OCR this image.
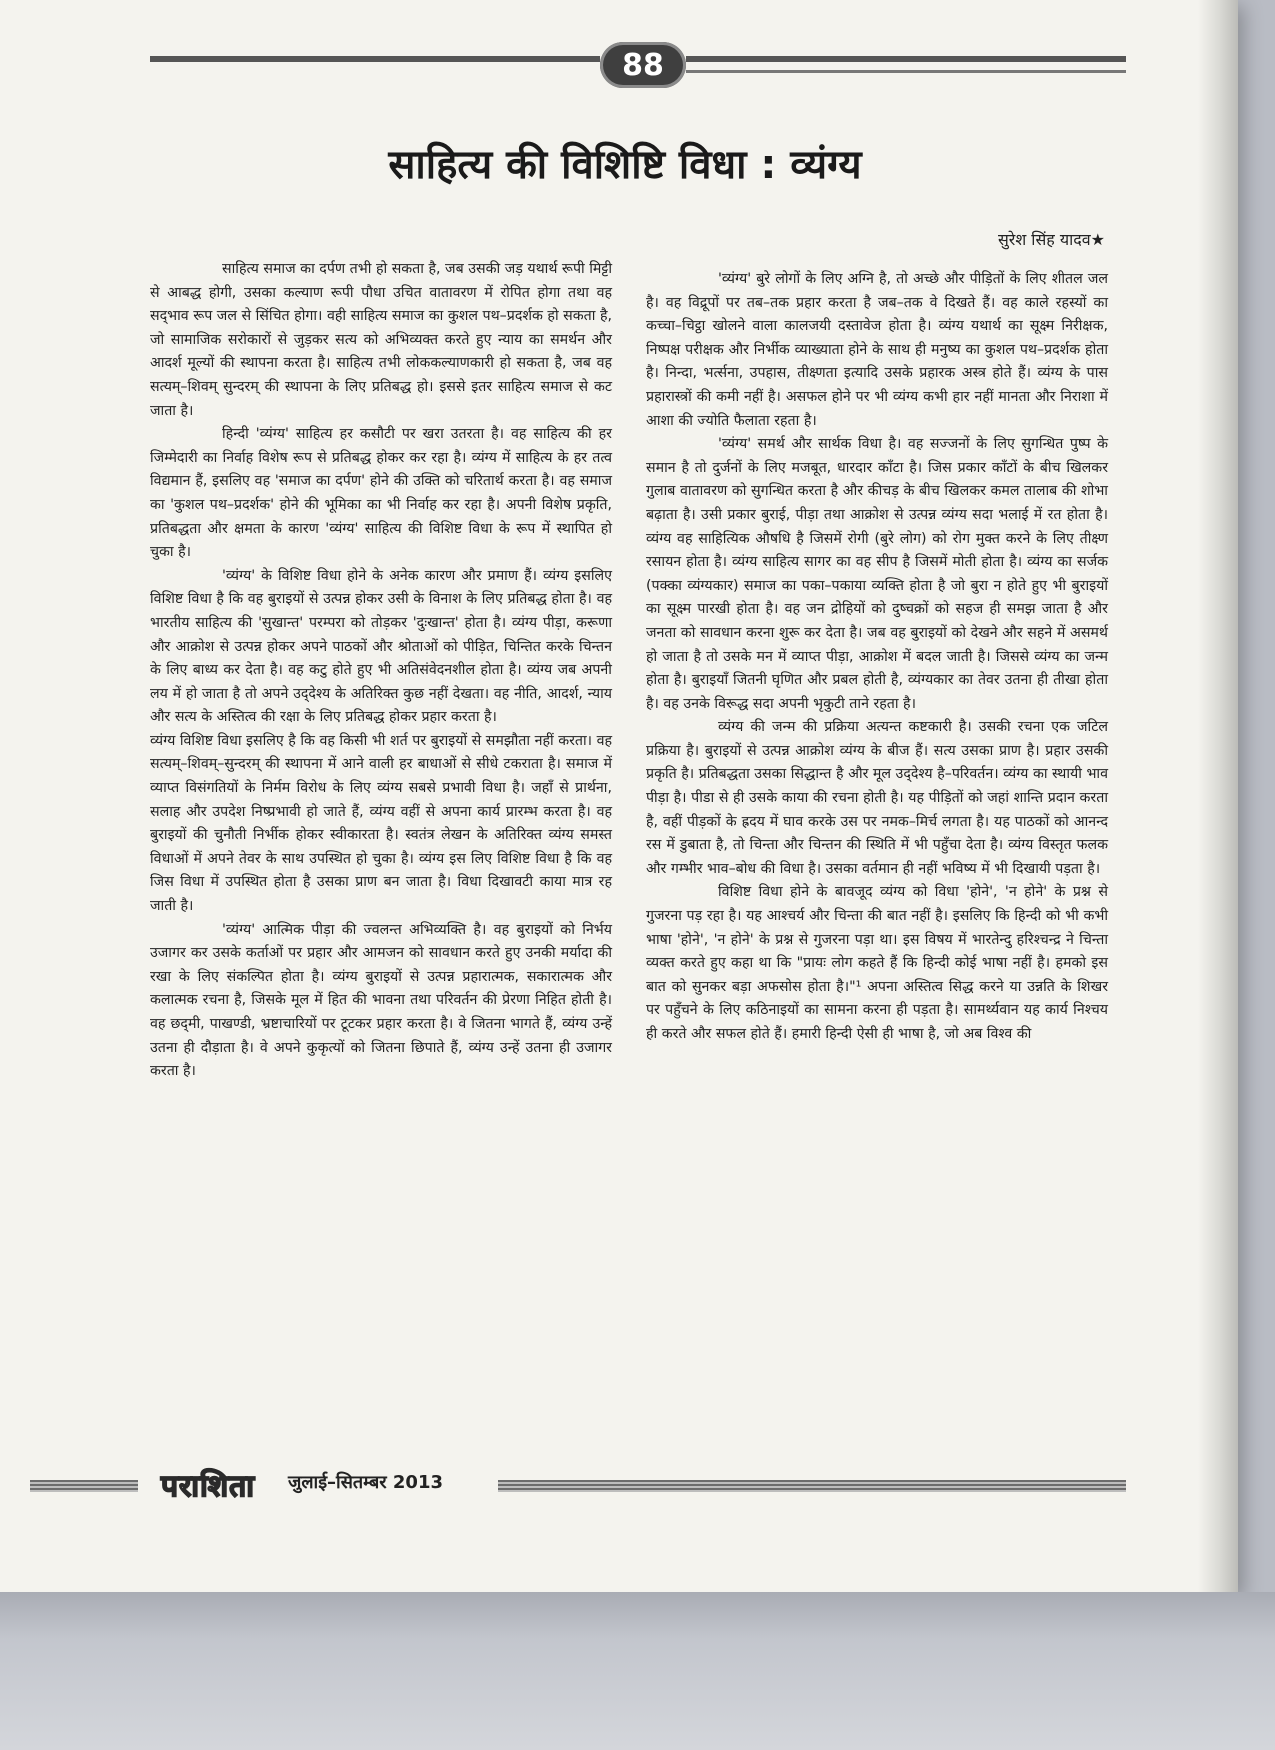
88
साहित्य की विशिष्टि विधा : व्यंग्य
सुरेश सिंह यादव★

साहित्य समाज का दर्पण तभी हो सकता है, जब उसकी जड़ यथार्थ रूपी मिट्टी से आबद्ध होगी, उसका कल्याण रूपी पौधा उचित वातावरण में रोपित होगा तथा वह सद्‌भाव रूप जल से सिंचित होगा। वही साहित्य समाज का कुशल पथ–प्रदर्शक हो सकता है, जो सामाजिक सरोकारों से जुड़कर सत्य को अभिव्यक्त करते हुए न्याय का समर्थन और आदर्श मूल्यों की स्थापना करता है। साहित्य तभी लोककल्याणकारी हो सकता है, जब वह सत्यम्–शिवम् सुन्दरम् की स्थापना के लिए प्रतिबद्ध हो। इससे इतर साहित्य समाज से कट जाता है।

हिन्दी 'व्यंग्य' साहित्य हर कसौटी पर खरा उतरता है। वह साहित्य की हर जिम्मेदारी का निर्वाह विशेष रूप से प्रतिबद्ध होकर कर रहा है। व्यंग्य में साहित्य के हर तत्व विद्यमान हैं, इसलिए वह 'समाज का दर्पण' होने की उक्ति को चरितार्थ करता है। वह समाज का 'कुशल पथ–प्रदर्शक' होने की भूमिका का भी निर्वाह कर रहा है। अपनी विशेष प्रकृति, प्रतिबद्धता और क्षमता के कारण 'व्यंग्य' साहित्य की विशिष्ट विधा के रूप में स्थापित हो चुका है।

'व्यंग्य' के विशिष्ट विधा होने के अनेक कारण और प्रमाण हैं। व्यंग्य इसलिए विशिष्ट विधा है कि वह बुराइयों से उत्पन्न होकर उसी के विनाश के लिए प्रतिबद्ध होता है। वह भारतीय साहित्य की 'सुखान्त' परम्परा को तोड़कर 'दुःखान्त' होता है। व्यंग्य पीड़ा, करूणा और आक्रोश से उत्पन्न होकर अपने पाठकों और श्रोताओं को पीड़ित, चिन्तित करके चिन्तन के लिए बाध्य कर देता है। वह कटु होते हुए भी अतिसंवेदनशील होता है। व्यंग्य जब अपनी लय में हो जाता है तो अपने उद्‌देश्य के अतिरिक्त कुछ नहीं देखता। वह नीति, आदर्श, न्याय और सत्य के अस्तित्व की रक्षा के लिए प्रतिबद्ध होकर प्रहार करता है।

व्यंग्य विशिष्ट विधा इसलिए है कि वह किसी भी शर्त पर बुराइयों से समझौता नहीं करता। वह सत्यम्–शिवम्–सुन्दरम् की स्थापना में आने वाली हर बाधाओं से सीधे टकराता है। समाज में व्याप्त विसंगतियों के निर्मम विरोध के लिए व्यंग्य सबसे प्रभावी विधा है। जहाँ से प्रार्थना, सलाह और उपदेश निष्प्रभावी हो जाते हैं, व्यंग्य वहीं से अपना कार्य प्रारम्भ करता है। वह बुराइयों की चुनौती निर्भीक होकर स्वीकारता है। स्वतंत्र लेखन के अतिरिक्त व्यंग्य समस्त विधाओं में अपने तेवर के साथ उपस्थित हो चुका है। व्यंग्य इस लिए विशिष्ट विधा है कि वह जिस विधा में उपस्थित होता है उसका प्राण बन जाता है। विधा दिखावटी काया मात्र रह जाती है।

'व्यंग्य' आत्मिक पीड़ा की ज्वलन्त अभिव्यक्ति है। वह बुराइयों को निर्भय उजागर कर उसके कर्ताओं पर प्रहार और आमजन को सावधान करते हुए उनकी मर्यादा की रखा के लिए संकल्पित होता है। व्यंग्य बुराइयों से उत्पन्न प्रहारात्मक, सकारात्मक और कलात्मक रचना है, जिसके मूल में हित की भावना तथा परिवर्तन की प्रेरणा निहित होती है। वह छद्‌मी, पाखण्डी, भ्रष्टाचारियों पर टूटकर प्रहार करता है। वे जितना भागते हैं, व्यंग्य उन्हें उतना ही दौड़ाता है। वे अपने कुकृत्यों को जितना छिपाते हैं, व्यंग्य उन्हें उतना ही उजागर करता है।

'व्यंग्य' बुरे लोगों के लिए अग्नि है, तो अच्छे और पीड़ितों के लिए शीतल जल है। वह विद्रूपों पर तब–तक प्रहार करता है जब–तक वे दिखते हैं। वह काले रहस्यों का कच्चा–चिट्ठा खोलने वाला कालजयी दस्तावेज होता है। व्यंग्य यथार्थ का सूक्ष्म निरीक्षक, निष्पक्ष परीक्षक और निर्भीक व्याख्याता होने के साथ ही मनुष्य का कुशल पथ–प्रदर्शक होता है। निन्दा, भर्त्सना, उपहास, तीक्ष्णता इत्यादि उसके प्रहारक अस्त्र होते हैं। व्यंग्य के पास प्रहारास्त्रों की कमी नहीं है। असफल होने पर भी व्यंग्य कभी हार नहीं मानता और निराशा में आशा की ज्योति फैलाता रहता है।

'व्यंग्य' समर्थ और सार्थक विधा है। वह सज्जनों के लिए सुगन्धित पुष्प के समान है तो दुर्जनों के लिए मजबूत, धारदार काँटा है। जिस प्रकार काँटों के बीच खिलकर गुलाब वातावरण को सुगन्धित करता है और कीचड़ के बीच खिलकर कमल तालाब की शोभा बढ़ाता है। उसी प्रकार बुराई, पीड़ा तथा आक्रोश से उत्पन्न व्यंग्य सदा भलाई में रत होता है। व्यंग्य वह साहित्यिक औषधि है जिसमें रोगी (बुरे लोग) को रोग मुक्त करने के लिए तीक्ष्ण रसायन होता है। व्यंग्य साहित्य सागर का वह सीप है जिसमें मोती होता है। व्यंग्य का सर्जक (पक्का व्यंग्यकार) समाज का पका–पकाया व्यक्ति होता है जो बुरा न होते हुए भी बुराइयों का सूक्ष्म पारखी होता है। वह जन द्रोहियों को दुष्चक्रों को सहज ही समझ जाता है और जनता को सावधान करना शुरू कर देता है। जब वह बुराइयों को देखने और सहने में असमर्थ हो जाता है तो उसके मन में व्याप्त पीड़ा, आक्रोश में बदल जाती है। जिससे व्यंग्य का जन्म होता है। बुराइयाँ जितनी घृणित और प्रबल होती है, व्यंग्यकार का तेवर उतना ही तीखा होता है। वह उनके विरूद्ध सदा अपनी भृकुटी ताने रहता है।

व्यंग्य की जन्म की प्रक्रिया अत्यन्त कष्टकारी है। उसकी रचना एक जटिल प्रक्रिया है। बुराइयों से उत्पन्न आक्रोश व्यंग्य के बीज हैं। सत्य उसका प्राण है। प्रहार उसकी प्रकृति है। प्रतिबद्धता उसका सिद्धान्त है और मूल उद्‌देश्य है–परिवर्तन। व्यंग्य का स्थायी भाव पीड़ा है। पीडा से ही उसके काया की रचना होती है। यह पीड़ितों को जहां शान्ति प्रदान करता है, वहीं पीड़कों के ह्रदय में घाव करके उस पर नमक–मिर्च लगता है। यह पाठकों को आनन्द रस में डुबाता है, तो चिन्ता और चिन्तन की स्थिति में भी पहुँचा देता है। व्यंग्य विस्तृत फलक और गम्भीर भाव–बोध की विधा है। उसका वर्तमान ही नहीं भविष्य में भी दिखायी पड़ता है।

विशिष्ट विधा होने के बावजूद व्यंग्य को विधा 'होने', 'न होने' के प्रश्न से गुजरना पड़ रहा है। यह आश्चर्य और चिन्ता की बात नहीं है। इसलिए कि हिन्दी को भी कभी भाषा 'होने', 'न होने' के प्रश्न से गुजरना पड़ा था। इस विषय में भारतेन्दु हरिश्चन्द्र ने चिन्ता व्यक्त करते हुए कहा था कि "प्रायः लोग कहते हैं कि हिन्दी कोई भाषा नहीं है। हमको इस बात को सुनकर बड़ा अफसोस होता है।"¹ अपना अस्तित्व सिद्ध करने या उन्नति के शिखर पर पहुँचने के लिए कठिनाइयों का सामना करना ही पड़ता है। सामर्थ्यवान यह कार्य निश्चय ही करते और सफल होते हैं। हमारी हिन्दी ऐसी ही भाषा है, जो अब विश्व की

पराशिता	जुलाई–सितम्बर 2013
